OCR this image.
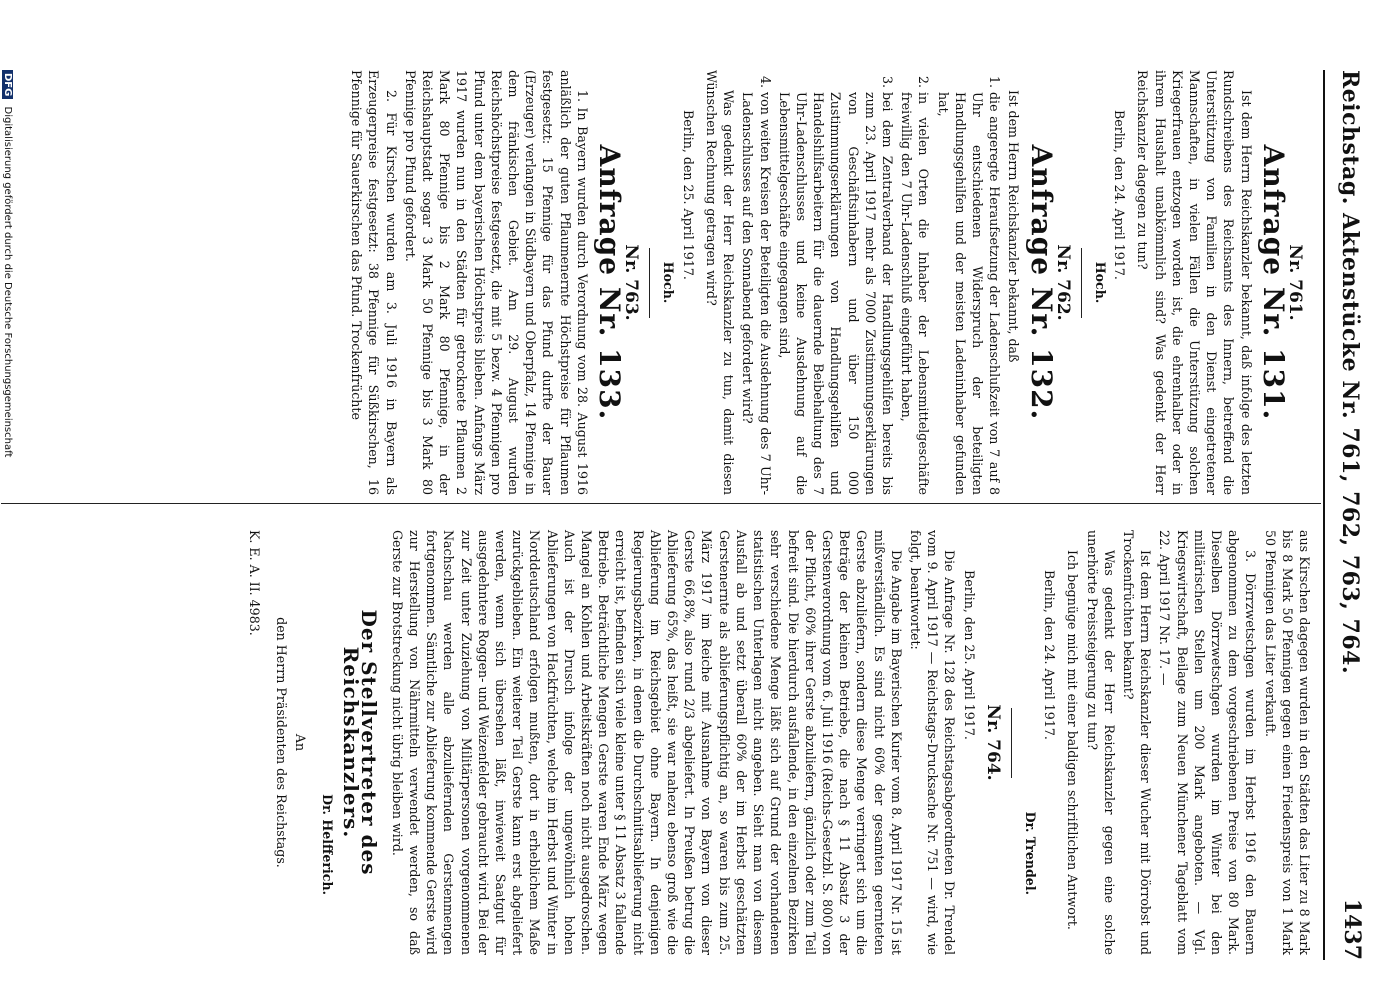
Reichstag. Aktenstücke Nr. 761, 762, 763, 764.
1437
Nr. 761.
Anfrage Nr. 131.

Ist dem Herrn Reichskanzler bekannt, daß infolge des letzten Rundschreibens des Reichsamts des Innern, betreffend die Unterstützung von Familien in den Dienst eingetretener Mannschaften, in vielen Fällen die Unterstützung solchen Kriegerfrauen entzogen worden ist, die ehrenhalber oder in ihrem Haushalt unabkömmlich sind? Was gedenkt der Herr Reichskanzler dagegen zu tun?

Berlin, den 24. April 1917.
Hoch.
Nr. 762.
Anfrage Nr. 132.

Ist dem Herrn Reichskanzler bekannt, daß

1. die angeregte Heraufsetzung der Ladenschlußzeit von 7 auf 8 Uhr entschiedenen Widerspruch der beteiligten Handlungsgehilfen und der meisten Ladeninhaber gefunden hat,
2. in vielen Orten die Inhaber der Lebensmittelgeschäfte freiwillig den 7 Uhr-Ladenschluß eingeführt haben,
3. bei dem Zentralverband der Handlungsgehilfen bereits bis zum 23. April 1917 mehr als 7000 Zustimmungserklärungen von Geschäftsinhabern und über 150 000 Zustimmungserklärungen von Handlungsgehilfen und Handelshilfsarbeitern für die dauernde Beibehaltung des 7 Uhr-Ladenschlusses und keine Ausdehnung auf die Lebensmittelgeschäfte eingegangen sind,
4. von weiten Kreisen der Beteiligten die Ausdehnung des 7 Uhr-Ladenschlusses auf den Sonnabend gefordert wird?

Was gedenkt der Herr Reichskanzler zu tun, damit diesen Wünschen Rechnung getragen wird?

Berlin, den 25. April 1917.
Hoch.
Nr. 763.
Anfrage Nr. 133.

1. In Bayern wurden durch Verordnung vom 28. August 1916 anläßlich der guten Pflaumenernte Höchstpreise für Pflaumen festgesetzt: 15 Pfennige für das Pfund durfte der Bauer (Erzeuger) verlangen in Südbayern und Oberpfalz, 14 Pfennige in dem fränkischen Gebiet. Am 29. August wurden Reichshöchstpreise festgesetzt, die mit 5 bezw. 4 Pfennigen pro Pfund unter dem bayerischen Höchstpreis blieben. Anfangs März 1917 wurden nun in den Städten für getrocknete Pflaumen 2 Mark 80 Pfennige bis 2 Mark 80 Pfennige, in der Reichshauptstadt sogar 3 Mark 50 Pfennige bis 3 Mark 80 Pfennige pro Pfund gefordert.

2. Für Kirschen wurden am 3. Juli 1916 in Bayern als Erzeugerpreise festgesetzt: 38 Pfennige für Süßkirschen, 16 Pfennige für Sauerkirschen das Pfund. Trockenfrüchte

aus Kirschen dagegen wurden in den Städten das Liter zu 8 Mark bis 8 Mark 50 Pfennigen gegen einen Friedenspreis von 1 Mark 50 Pfennigen das Liter verkauft.

3. Dörrzwetschgen wurden im Herbst 1916 den Bauern abgenommen zu dem vorgeschriebenen Preise von 80 Mark. Dieselben Dörrzwetschgen wurden im Winter bei den militärischen Stellen um 200 Mark angeboten. — Vgl. Kriegswirtschaft, Beilage zum Neuen Münchener Tageblatt vom 22. April 1917 Nr. 17. —

Ist dem Herrn Reichskanzler dieser Wucher mit Dörrobst und Trockenfrüchten bekannt?

Was gedenkt der Herr Reichskanzler gegen eine solche unerhörte Preissteigerung zu tun?

Ich begnüge mich mit einer baldigen schriftlichen Antwort.

Berlin, den 24. April 1917.
Dr. Trendel.
Nr. 764.
Berlin, den 25. April 1917.

Die Anfrage Nr. 128 des Reichstagsabgeordneten Dr. Trendel vom 9. April 1917 — Reichstags-Drucksache Nr. 751 — wird, wie folgt, beantwortet:

Die Angabe im Bayerischen Kurier vom 8. April 1917 Nr. 15 ist mißverständlich. Es sind nicht 60% der gesamten geernteten Gerste abzuliefern, sondern diese Menge verringert sich um die Beträge der kleinen Betriebe, die nach § 11 Absatz 3 der Gerstenverordnung vom 6. Juli 1916 (Reichs-Gesetzbl. S. 800) von der Pflicht, 60% ihrer Gerste abzuliefern, gänzlich oder zum Teil befreit sind. Die hierdurch ausfallende, in den einzelnen Bezirken sehr verschiedene Menge läßt sich auf Grund der vorhandenen statistischen Unterlagen nicht angeben. Sieht man von diesem Ausfall ab und setzt überall 60% der im Herbst geschätzten Gerstenernte als ablieferungspflichtig an, so waren bis zum 25. März 1917 im Reiche mit Ausnahme von Bayern von dieser Gerste 66,8%, also rund 2/3 abgeliefert. In Preußen betrug die Ablieferung 65%, das heißt, sie war nahezu ebenso groß wie die Ablieferung im Reichsgebiet ohne Bayern. In denjenigen Regierungsbezirken, in denen die Durchschnittsablieferung nicht erreicht ist, befinden sich viele kleine unter § 11 Absatz 3 fallende Betriebe. Beträchtliche Mengen Gerste waren Ende März wegen Mangel an Kohlen und Arbeitskräften noch nicht ausgedroschen. Auch ist der Drusch infolge der ungewöhnlich hohen Ablieferungen von Hackfrüchten, welche im Herbst und Winter in Norddeutschland erfolgen mußten, dort in erheblichem Maße zurückgeblieben. Ein weiterer Teil Gerste kann erst abgeliefert werden, wenn sich übersehen läßt, inwieweit Saatgut für ausgedehntere Roggen- und Weizenfelder gebraucht wird. Bei der zur Zeit unter Zuziehung von Militärpersonen vorgenommenen Nachschau werden alle abzuliefernden Gerstenmengen fortgenommen. Sämtliche zur Ablieferung kommende Gerste wird zur Herstellung von Nährmitteln verwendet werden, so daß Gerste zur Brotstreckung nicht übrig bleiben wird.

Der Stellvertreter des Reichskanzlers.
Dr. Helfferich.
An
den Herrn Präsidenten des Reichstags.
K. E. A. II. 4983.
DFG Digitalisierung gefördert durch die Deutsche Forschungsgemeinschaft
